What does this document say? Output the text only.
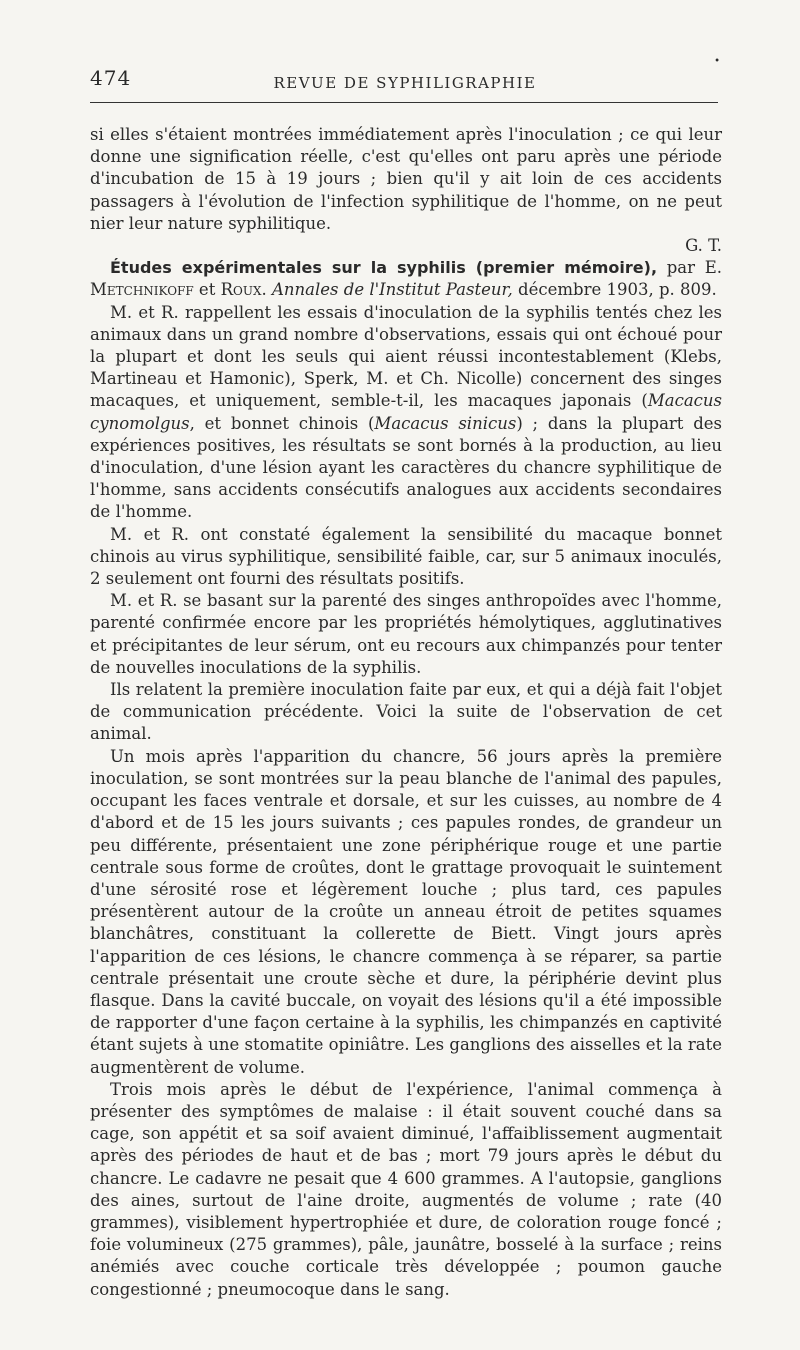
474	REVUE DE SYPHILIGRAPHIE
•

si elles s'étaient montrées immédiatement après l'inoculation ; ce qui leur donne une signification réelle, c'est qu'elles ont paru après une période d'incubation de 15 à 19 jours ; bien qu'il y ait loin de ces accidents passagers à l'évolution de l'infection syphilitique de l'homme, on ne peut nier leur nature syphilitique.
G. T.

Études expérimentales sur la syphilis (premier mémoire), par E. Metchnikoff et Roux. Annales de l'Institut Pasteur, décembre 1903, p. 809.

M. et R. rappellent les essais d'inoculation de la syphilis tentés chez les animaux dans un grand nombre d'observations, essais qui ont échoué pour la plupart et dont les seuls qui aient réussi incontestablement (Klebs, Martineau et Hamonic), Sperk, M. et Ch. Nicolle) concernent des singes macaques, et uniquement, semble-t-il, les macaques japonais (Macacus cynomolgus, et bonnet chinois (Macacus sinicus) ; dans la plupart des expériences positives, les résultats se sont bornés à la production, au lieu d'inoculation, d'une lésion ayant les caractères du chancre syphilitique de l'homme, sans accidents consécutifs analogues aux accidents secondaires de l'homme.

M. et R. ont constaté également la sensibilité du macaque bonnet chinois au virus syphilitique, sensibilité faible, car, sur 5 animaux inoculés, 2 seulement ont fourni des résultats positifs.

M. et R. se basant sur la parenté des singes anthropoïdes avec l'homme, parenté confirmée encore par les propriétés hémolytiques, agglutinatives et précipitantes de leur sérum, ont eu recours aux chimpanzés pour tenter de nouvelles inoculations de la syphilis.

Ils relatent la première inoculation faite par eux, et qui a déjà fait l'objet de communication précédente. Voici la suite de l'observation de cet animal.

Un mois après l'apparition du chancre, 56 jours après la première inoculation, se sont montrées sur la peau blanche de l'animal des papules, occupant les faces ventrale et dorsale, et sur les cuisses, au nombre de 4 d'abord et de 15 les jours suivants ; ces papules rondes, de grandeur un peu différente, présentaient une zone périphérique rouge et une partie centrale sous forme de croûtes, dont le grattage provoquait le suintement d'une sérosité rose et légèrement louche ; plus tard, ces papules présentèrent autour de la croûte un anneau étroit de petites squames blanchâtres, constituant la collerette de Biett. Vingt jours après l'apparition de ces lésions, le chancre commença à se réparer, sa partie centrale présentait une croute sèche et dure, la périphérie devint plus flasque. Dans la cavité buccale, on voyait des lésions qu'il a été impossible de rapporter d'une façon certaine à la syphilis, les chimpanzés en captivité étant sujets à une stomatite opiniâtre. Les ganglions des aisselles et la rate augmentèrent de volume.

Trois mois après le début de l'expérience, l'animal commença à présenter des symptômes de malaise : il était souvent couché dans sa cage, son appétit et sa soif avaient diminué, l'affaiblissement augmentait après des périodes de haut et de bas ; mort 79 jours après le début du chancre. Le cadavre ne pesait que 4 600 grammes. A l'autopsie, ganglions des aines, surtout de l'aine droite, augmentés de volume ; rate (40 grammes), visiblement hypertrophiée et dure, de coloration rouge foncé ; foie volumineux (275 grammes), pâle, jaunâtre, bosselé à la surface ; reins anémiés avec couche corticale très développée ; poumon gauche congestionné ; pneumocoque dans le sang.
